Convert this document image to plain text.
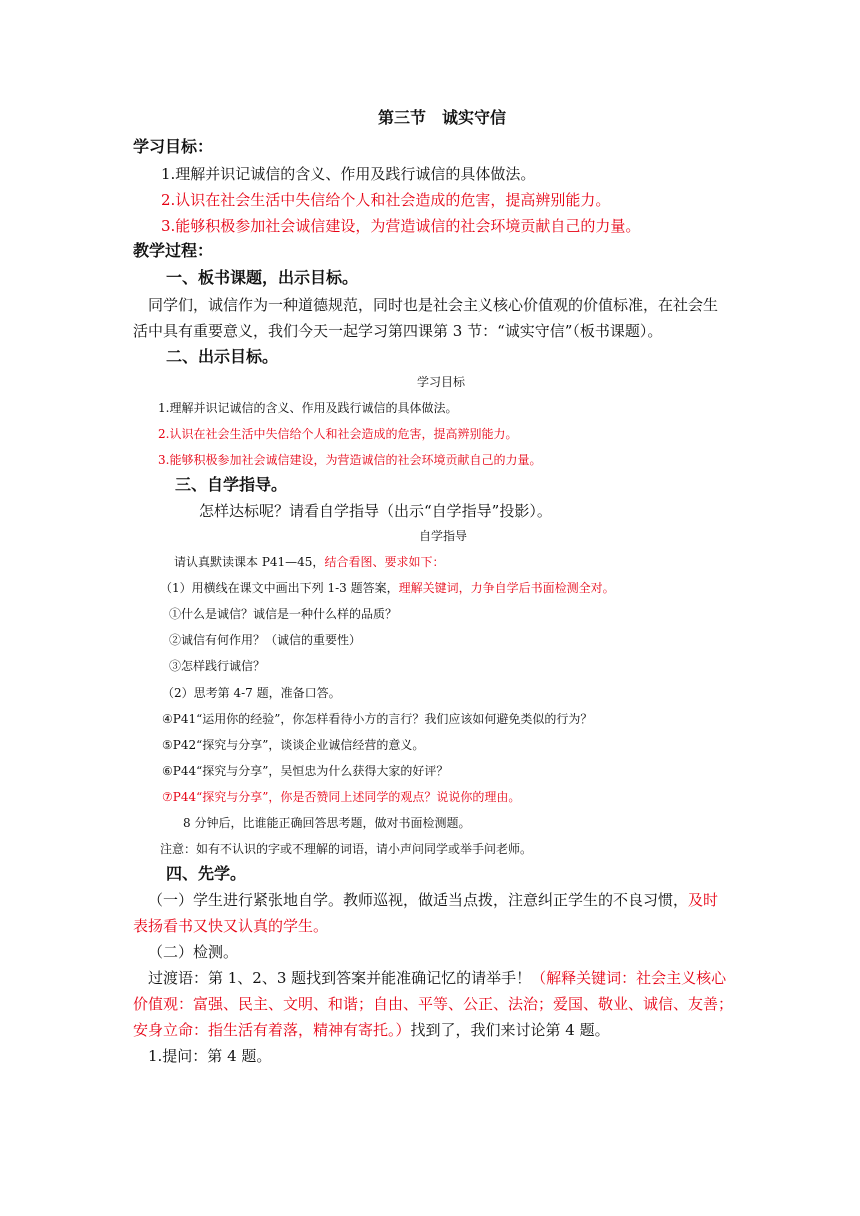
第三节　诚实守信
学习目标：
1.理解并识记诚信的含义、作用及践行诚信的具体做法。
2.认识在社会生活中失信给个人和社会造成的危害，提高辨别能力。
3.能够积极参加社会诚信建设，为营造诚信的社会环境贡献自己的力量。
教学过程：
一、板书课题，出示目标。
同学们，诚信作为一种道德规范，同时也是社会主义核心价值观的价值标准，在社会生
活中具有重要意义，我们今天一起学习第四课第 3 节：“诚实守信”（板书课题）。
二、出示目标。
学习目标
1.理解并识记诚信的含义、作用及践行诚信的具体做法。
2.认识在社会生活中失信给个人和社会造成的危害，提高辨别能力。
3.能够积极参加社会诚信建设，为营造诚信的社会环境贡献自己的力量。
三、自学指导。
怎样达标呢？请看自学指导（出示“自学指导”投影）。
自学指导
请认真默读课本 P41—45，结合看图、要求如下：
（1）用横线在课文中画出下列 1-3 题答案，理解关键词，力争自学后书面检测全对。
①什么是诚信？诚信是一种什么样的品质？
②诚信有何作用？（诚信的重要性）
③怎样践行诚信？
（2）思考第 4-7 题，准备口答。
④P41“运用你的经验”，你怎样看待小方的言行？我们应该如何避免类似的行为？
⑤P42“探究与分享”，谈谈企业诚信经营的意义。
⑥P44“探究与分享”，吴恒忠为什么获得大家的好评？
⑦P44“探究与分享”，你是否赞同上述同学的观点？说说你的理由。
8 分钟后，比谁能正确回答思考题，做对书面检测题。
注意：如有不认识的字或不理解的词语，请小声问同学或举手问老师。
四、先学。
（一）学生进行紧张地自学。教师巡视，做适当点拨，注意纠正学生的不良习惯，及时
表扬看书又快又认真的学生。
（二）检测。
过渡语：第 1、2、3 题找到答案并能准确记忆的请举手！（解释关键词：社会主义核心
价值观：富强、民主、文明、和谐；自由、平等、公正、法治；爱国、敬业、诚信、友善；
安身立命：指生活有着落，精神有寄托。）找到了，我们来讨论第 4 题。
1.提问：第 4 题。
